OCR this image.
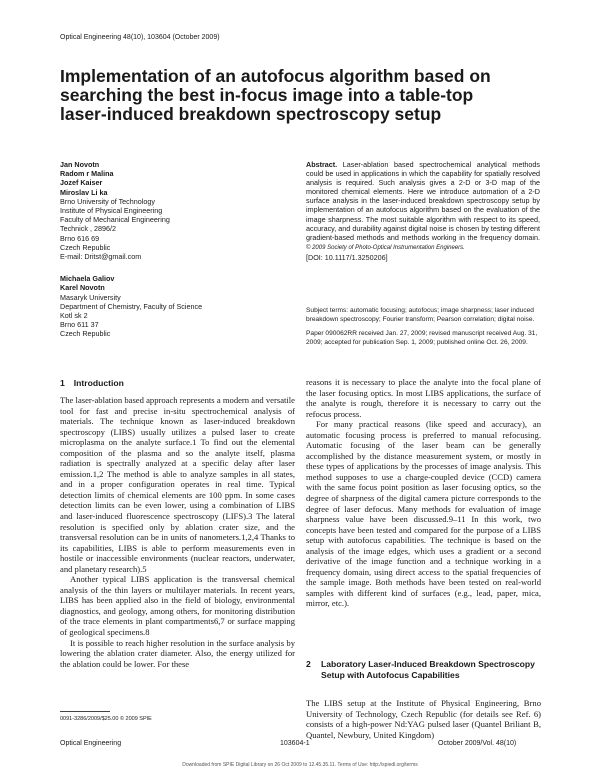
Optical Engineering 48(10), 103604 (October 2009)
Implementation of an autofocus algorithm based on searching the best in-focus image into a table-top laser-induced breakdown spectroscopy setup
Jan Novotn
Radom r Malina
Jozef Kaiser
Miroslav Li ka
Brno University of Technology
Institute of Physical Engineering
Faculty of Mechanical Engineering
Technick , 2896/2
Brno 616 69
Czech Republic
E-mail: Dritst@gmail.com
Michaela Galiov
Karel Novotn
Masaryk University
Department of Chemistry, Faculty of Science
Kotl sk 2
Brno 611 37
Czech Republic

Abstract. Laser-ablation based spectrochemical analytical methods could be used in applications in which the capability for spatially resolved analysis is required. Such analysis gives a 2-D or 3-D map of the monitored chemical elements. Here we introduce automation of a 2-D surface analysis in the laser-induced breakdown spectroscopy setup by implementation of an autofocus algorithm based on the evaluation of the image sharpness. The most suitable algorithm with respect to its speed, accuracy, and durability against digital noise is chosen by testing different gradient-based methods and methods working in the frequency domain. © 2009 Society of Photo-Optical Instrumentation Engineers.

[DOI: 10.1117/1.3250206]

Subject terms: automatic focusing; autofocus; image sharpness; laser induced breakdown spectroscopy; Fourier transform; Pearson correlation; digital noise.

Paper 090062RR received Jan. 27, 2009; revised manuscript received Aug. 31, 2009; accepted for publication Sep. 1, 2009; published online Oct. 26, 2009.

1 Introduction

The laser-ablation based approach represents a modern and versatile tool for fast and precise in-situ spectrochemical analysis of materials. The technique known as laser-induced breakdown spectroscopy (LIBS) usually utilizes a pulsed laser to create microplasma on the analyte surface.1 To find out the elemental composition of the plasma and so the analyte itself, plasma radiation is spectrally analyzed at a specific delay after laser emission.1,2 The method is able to analyze samples in all states, and in a proper configuration operates in real time. Typical detection limits of chemical elements are 100 ppm. In some cases detection limits can be even lower, using a combination of LIBS and laser-induced fluorescence spectroscopy (LIFS).3 The lateral resolution is specified only by ablation crater size, and the transversal resolution can be in units of nanometers.1,2,4 Thanks to its capabilities, LIBS is able to perform measurements even in hostile or inaccessible environments (nuclear reactors, underwater, and planetary research).5

Another typical LIBS application is the transversal chemical analysis of the thin layers or multilayer materials. In recent years, LIBS has been applied also in the field of biology, environmental diagnostics, and geology, among others, for monitoring distribution of the trace elements in plant compartments6,7 or surface mapping of geological specimens.8

It is possible to reach higher resolution in the surface analysis by lowering the ablation crater diameter. Also, the energy utilized for the ablation could be lower. For these

reasons it is necessary to place the analyte into the focal plane of the laser focusing optics. In most LIBS applications, the surface of the analyte is rough, therefore it is necessary to carry out the refocus process.

For many practical reasons (like speed and accuracy), an automatic focusing process is preferred to manual refocusing. Automatic focusing of the laser beam can be generally accomplished by the distance measurement system, or mostly in these types of applications by the processes of image analysis. This method supposes to use a charge-coupled device (CCD) camera with the same focus point position as laser focusing optics, so the degree of sharpness of the digital camera picture corresponds to the degree of laser defocus. Many methods for evaluation of image sharpness value have been discussed.9–11 In this work, two concepts have been tested and compared for the purpose of a LIBS setup with autofocus capabilities. The technique is based on the analysis of the image edges, which uses a gradient or a second derivative of the image function and a technique working in a frequency domain, using direct access to the spatial frequencies of the sample image. Both methods have been tested on real-world samples with different kind of surfaces (e.g., lead, paper, mica, mirror, etc.).

2 Laboratory Laser-Induced Breakdown Spectroscopy Setup with Autofocus Capabilities

The LIBS setup at the Institute of Physical Engineering, Brno University of Technology, Czech Republic (for details see Ref. 6) consists of a high-power Nd:YAG pulsed laser (Quantel Briliant B, Quantel, Newbury, United Kingdom)

0091-3286/2009/$25.00 © 2009 SPIE
Optical Engineering	103604-1	October 2009/Vol. 48(10)
Downloaded from SPIE Digital Library on 26 Oct 2009 to 12.45.35.11. Terms of Use: http://spiedl.org/terms
